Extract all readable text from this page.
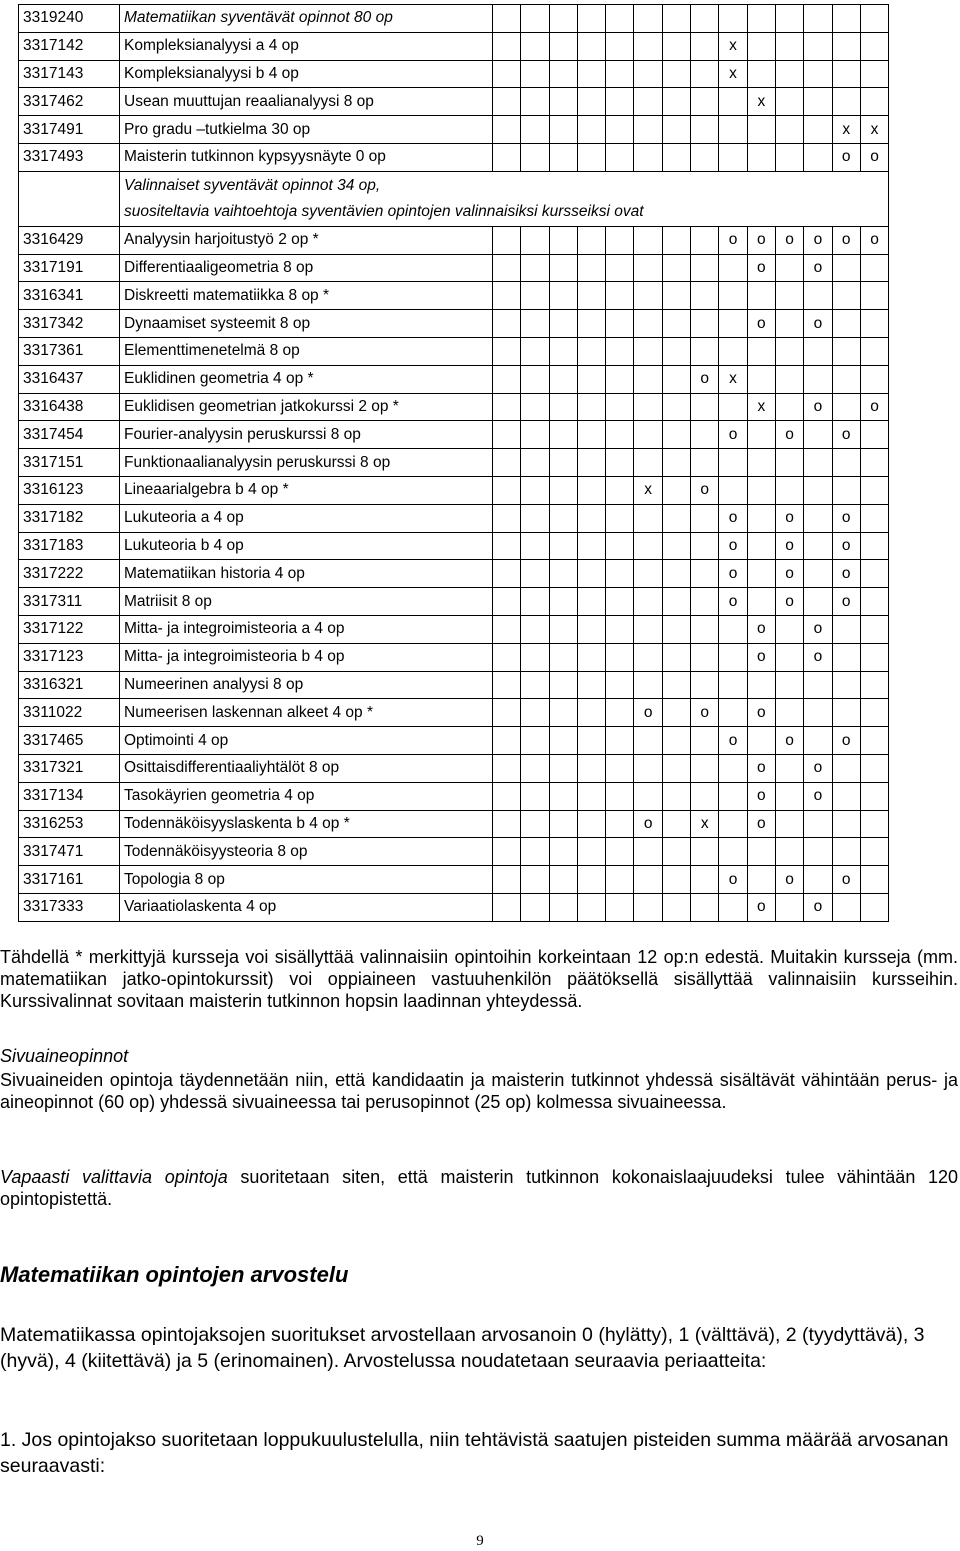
3319240	Matematiikan syventävät opinnot 80 op														
3317142	Kompleksianalyysi a 4 op									x					
3317143	Kompleksianalyysi b 4 op									x					
3317462	Usean muuttujan reaalianalyysi 8 op										x				
3317491	Pro gradu –tutkielma 30 op													x	x
3317493	Maisterin tutkinnon kypsyysnäyte 0 op													o	o

	Valinnaiset syventävät opinnot 34 op,
suositeltavia vaihtoehtoja syventävien opintojen valinnaisiksi kursseiksi ovat														

3316429	Analyysin harjoitustyö 2 op *									o	o	o	o	o	o
3317191	Differentiaaligeometria 8 op										o		o		
3316341	Diskreetti matematiikka 8 op *														
3317342	Dynaamiset systeemit 8 op										o		o		
3317361	Elementtimenetelmä 8 op														
3316437	Euklidinen geometria 4 op *								o	x					
3316438	Euklidisen geometrian jatkokurssi 2 op *										x		o		o
3317454	Fourier-analyysin peruskurssi 8 op									o		o		o	
3317151	Funktionaalianalyysin peruskurssi 8 op														
3316123	Lineaarialgebra b 4 op *						x		o						
3317182	Lukuteoria a 4 op									o		o		o	
3317183	Lukuteoria b 4 op									o		o		o	
3317222	Matematiikan historia 4 op									o		o		o	
3317311	Matriisit 8 op									o		o		o	
3317122	Mitta- ja integroimisteoria a 4 op										o		o		
3317123	Mitta- ja integroimisteoria b 4 op										o		o		
3316321	Numeerinen analyysi 8 op														
3311022	Numeerisen laskennan alkeet 4 op *						o		o		o				
3317465	Optimointi 4 op									o		o		o	
3317321	Osittaisdifferentiaaliyhtälöt 8 op										o		o		
3317134	Tasokäyrien geometria 4 op										o		o		
3316253	Todennäköisyyslaskenta b 4 op *						o		x		o				
3317471	Todennäköisyysteoria 8 op														
3317161	Topologia 8 op									o		o		o	
3317333	Variaatiolaskenta 4 op										o		o		

Tähdellä * merkittyjä kursseja voi sisällyttää valinnaisiin opintoihin korkeintaan 12 op:n edestä. Muitakin kursseja (mm. matematiikan jatko-opintokurssit) voi oppiaineen vastuuhenkilön päätöksellä sisällyttää valinnaisiin kursseihin. Kurssivalinnat sovitaan maisterin tutkinnon hopsin laadinnan yhteydessä.

Sivuaineopinnot

Sivuaineiden opintoja täydennetään niin, että kandidaatin ja maisterin tutkinnot yhdessä sisältävät vähintään perus- ja aineopinnot (60 op) yhdessä sivuaineessa tai perusopinnot (25 op) kolmessa sivuaineessa.

Vapaasti valittavia opintoja suoritetaan siten, että maisterin tutkinnon kokonaislaajuudeksi tulee vähintään 120 opintopistettä.

Matematiikan opintojen arvostelu

Matematiikassa opintojaksojen suoritukset arvostellaan arvosanoin 0 (hylätty), 1 (välttävä), 2 (tyydyttävä), 3 (hyvä), 4 (kiitettävä) ja 5 (erinomainen). Arvostelussa noudatetaan seuraavia periaatteita:

1. Jos opintojakso suoritetaan loppukuulustelulla, niin tehtävistä saatujen pisteiden summa määrää arvosanan seuraavasti:

9
